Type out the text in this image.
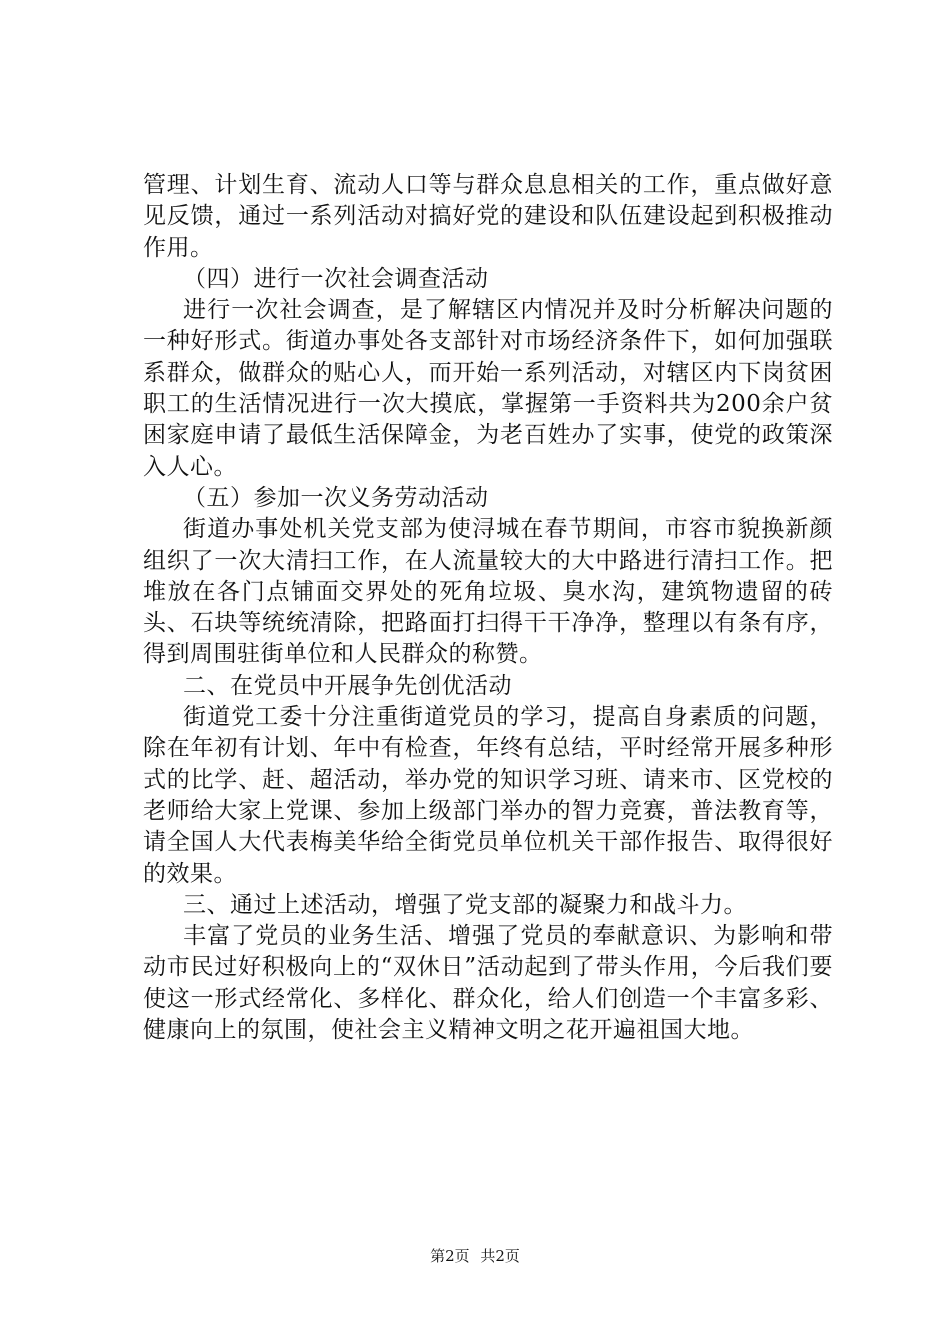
管理、计划生育、流动人口等与群众息息相关的工作，重点做好意见反馈，通过一系列活动对搞好党的建设和队伍建设起到积极推动作用。

（四）进行一次社会调查活动

进行一次社会调查，是了解辖区内情况并及时分析解决问题的一种好形式。街道办事处各支部针对市场经济条件下，如何加强联系群众，做群众的贴心人，而开始一系列活动，对辖区内下岗贫困职工的生活情况进行一次大摸底，掌握第一手资料共为200余户贫困家庭申请了最低生活保障金，为老百姓办了实事，使党的政策深入人心。

（五）参加一次义务劳动活动

街道办事处机关党支部为使浔城在春节期间，市容市貌换新颜组织了一次大清扫工作，在人流量较大的大中路进行清扫工作。把堆放在各门点铺面交界处的死角垃圾、臭水沟，建筑物遗留的砖头、石块等统统清除，把路面打扫得干干净净，整理以有条有序，得到周围驻街单位和人民群众的称赞。

二、在党员中开展争先创优活动

街道党工委十分注重街道党员的学习，提高自身素质的问题，除在年初有计划、年中有检查，年终有总结，平时经常开展多种形式的比学、赶、超活动，举办党的知识学习班、请来市、区党校的老师给大家上党课、参加上级部门举办的智力竞赛，普法教育等，请全国人大代表梅美华给全街党员单位机关干部作报告、取得很好的效果。

三、通过上述活动，增强了党支部的凝聚力和战斗力。

丰富了党员的业务生活、增强了党员的奉献意识、为影响和带动市民过好积极向上的“双休日”活动起到了带头作用，今后我们要使这一形式经常化、多样化、群众化，给人们创造一个丰富多彩、健康向上的氛围，使社会主义精神文明之花开遍祖国大地。

第2页 共2页
